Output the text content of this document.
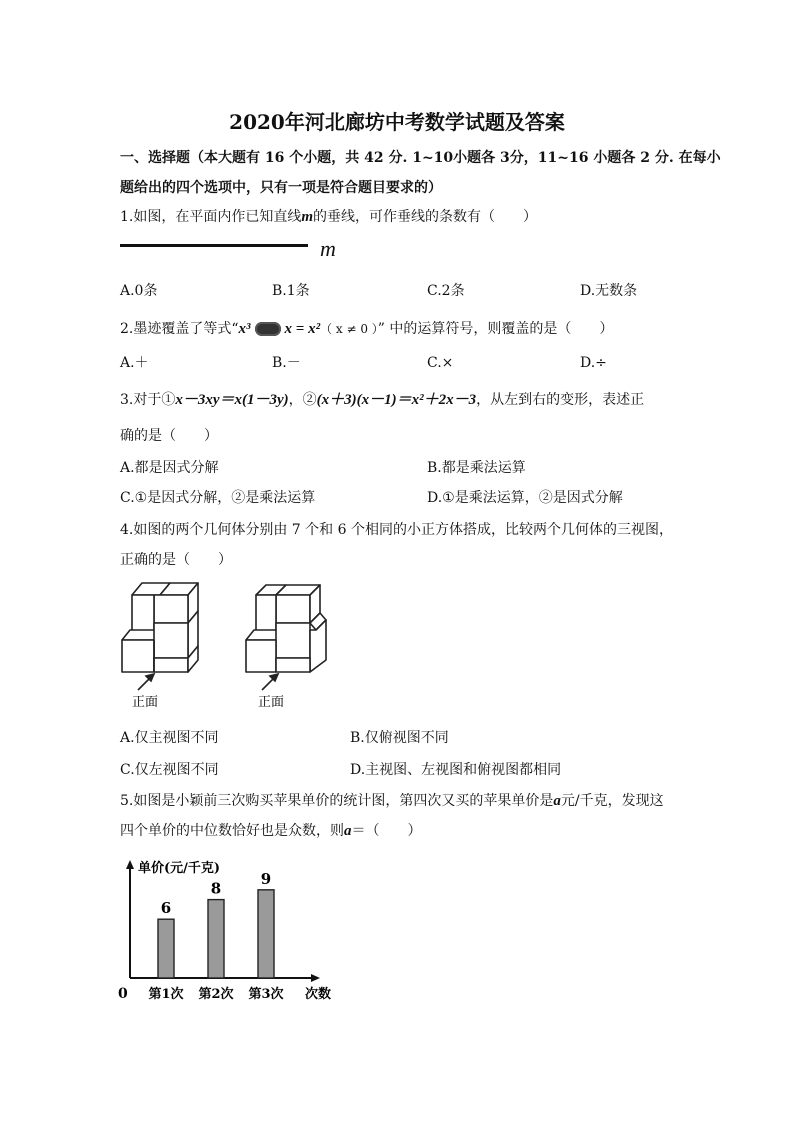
2020年河北廊坊中考数学试题及答案
一、选择题（本大题有 16 个小题，共 42 分. 1~10小题各 3分，11~16 小题各 2 分. 在每小
题给出的四个选项中，只有一项是符合题目要求的）
1.如图，在平面内作已知直线m的垂线，可作垂线的条数有（　　）
m
A.0条	B.1条	C.2条	D.无数条
2.墨迹覆盖了等式“x³ x = x²（ x ≠ 0 ）” 中的运算符号，则覆盖的是（　　）
A.＋	B.－	C.×	D.÷
3.对于①x－3xy＝x(1－3y)，②(x＋3)(x－1)＝x²＋2x－3，从左到右的变形，表述正
确的是（　　）
A.都是因式分解	B.都是乘法运算
C.①是因式分解，②是乘法运算	D.①是乘法运算，②是因式分解
4.如图的两个几何体分别由 7 个和 6 个相同的小正方体搭成，比较两个几何体的三视图，
正确的是（　　）
正面	正面
A.仅主视图不同	B.仅俯视图不同
C.仅左视图不同	D.主视图、左视图和俯视图都相同
5.如图是小颖前三次购买苹果单价的统计图，第四次又买的苹果单价是a元/千克，发现这
四个单价的中位数恰好也是众数，则a＝（　　）
单价(元/千克)
0	次数
6
第1次
8
第2次
9
第3次
